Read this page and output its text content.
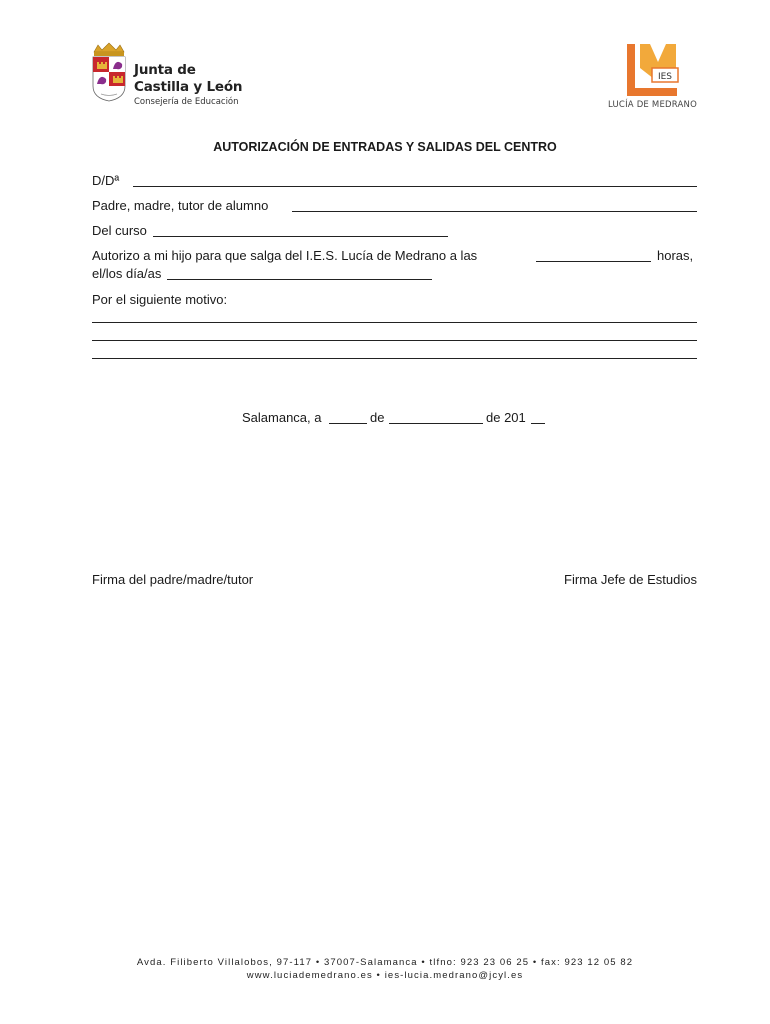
Junta de
Castilla y León
Consejería de Educación
IES
LUCÍA DE MEDRANO
AUTORIZACIÓN DE ENTRADAS Y SALIDAS DEL CENTRO
D/Dª
Padre, madre, tutor de alumno
Del curso
Autorizo a mi hijo para que salga del I.E.S. Lucía de Medrano a las	horas,
el/los día/as
Por el siguiente motivo:
Salamanca, a	de	de 201
Firma del padre/madre/tutor	Firma Jefe de Estudios
Avda. Filiberto Villalobos, 97-117 • 37007-Salamanca • tlfno: 923 23 06 25 • fax: 923 12 05 82
www.luciademedrano.es • ies-lucia.medrano@jcyl.es
